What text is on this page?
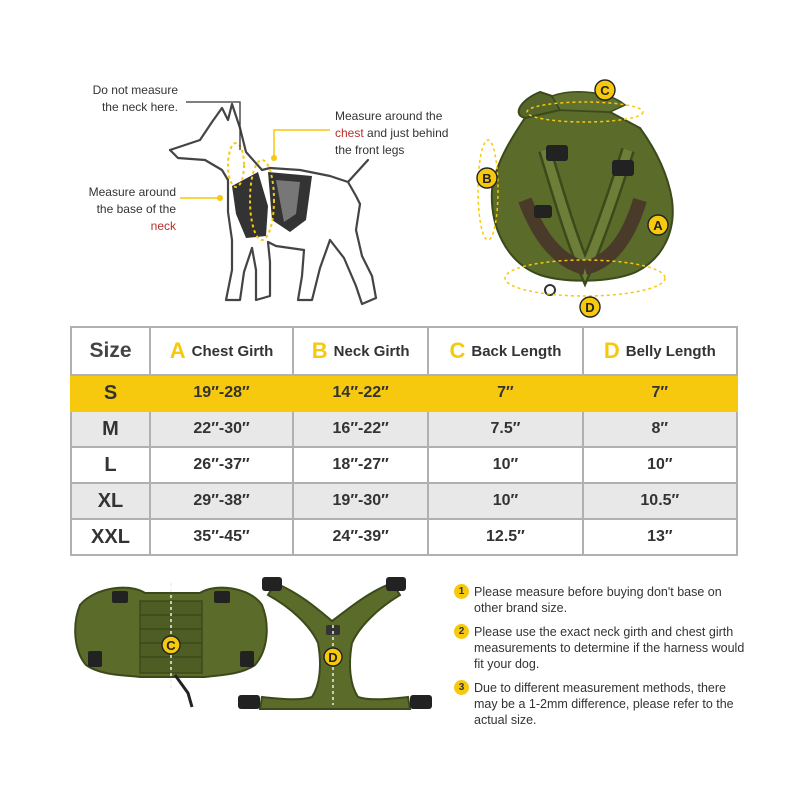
C
B
A
D
Do not measure
the neck here.
Measure around the
chest and just behind
the front legs
Measure around
the base of the
neck
Size	A Chest Girth	B Neck Girth	C Back Length	D Belly Length
S	19″-28″	14″-22″	7″	7″
M	22″-30″	16″-22″	7.5″	8″
L	26″-37″	18″-27″	10″	10″
XL	29″-38″	19″-30″	10″	10.5″
XXL	35″-45″	24″-39″	12.5″	13″
C
D
1 Please measure before buying don't base on other brand size.
2 Please use the exact neck girth and chest girth measurements to determine if the harness would fit your dog.
3 Due to different measurement methods, there may be a 1-2mm difference, please refer to the actual size.
